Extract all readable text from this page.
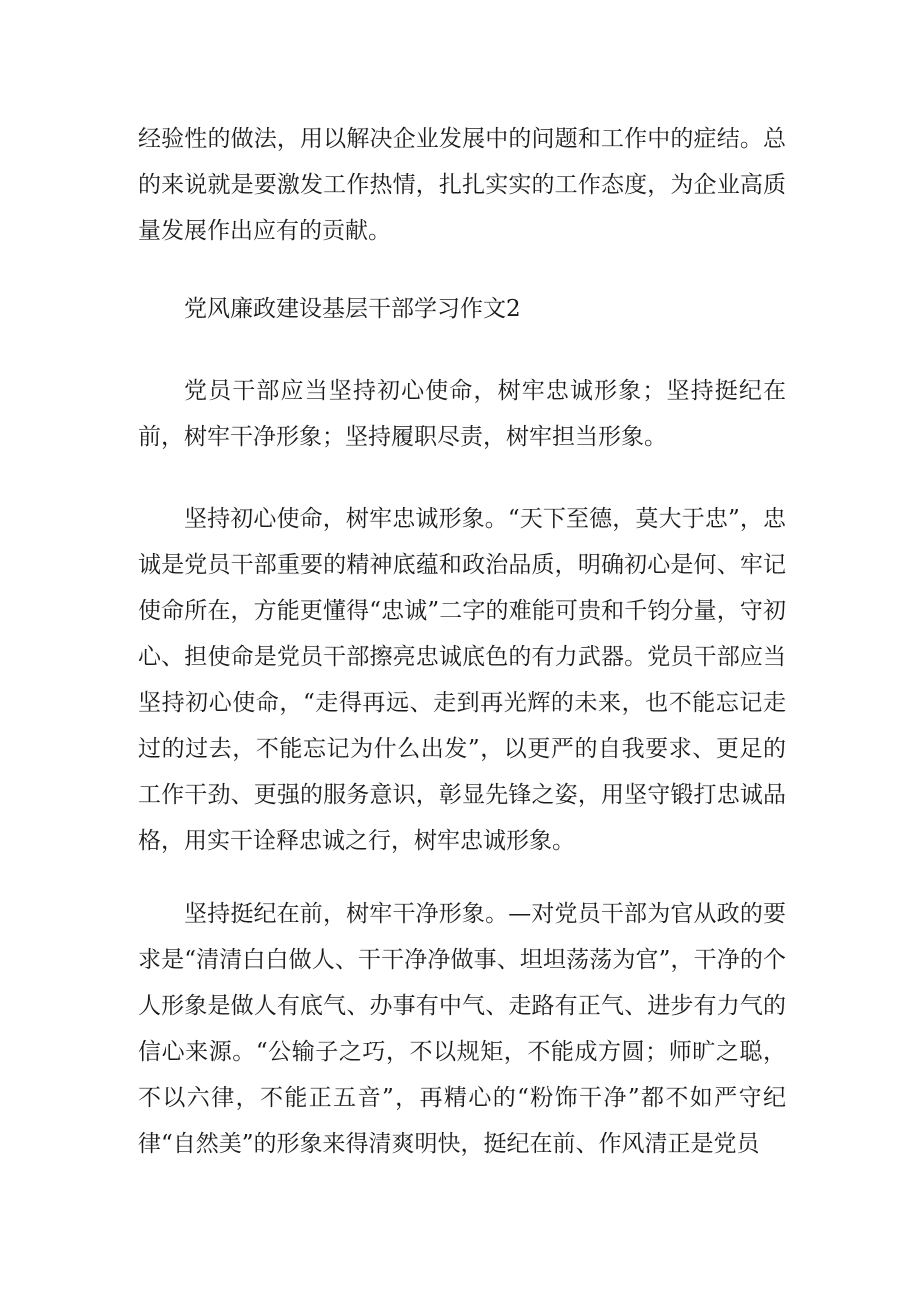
经验性的做法，用以解决企业发展中的问题和工作中的症结。总的来说就是要激发工作热情，扎扎实实的工作态度，为企业高质量发展作出应有的贡献。

党风廉政建设基层干部学习作文2

党员干部应当坚持初心使命，树牢忠诚形象；坚持挺纪在前，树牢干净形象；坚持履职尽责，树牢担当形象。

坚持初心使命，树牢忠诚形象。“天下至德，莫大于忠”，忠诚是党员干部重要的精神底蕴和政治品质，明确初心是何、牢记使命所在，方能更懂得“忠诚”二字的难能可贵和千钧分量，守初心、担使命是党员干部擦亮忠诚底色的有力武器。党员干部应当坚持初心使命，“走得再远、走到再光辉的未来，也不能忘记走过的过去，不能忘记为什么出发”，以更严的自我要求、更足的工作干劲、更强的服务意识，彰显先锋之姿，用坚守锻打忠诚品格，用实干诠释忠诚之行，树牢忠诚形象。

坚持挺纪在前，树牢干净形象。—对党员干部为官从政的要求是“清清白白做人、干干净净做事、坦坦荡荡为官”，干净的个人形象是做人有底气、办事有中气、走路有正气、进步有力气的信心来源。“公输子之巧，不以规矩，不能成方圆；师旷之聪，不以六律，不能正五音”，再精心的“粉饰干净”都不如严守纪律“自然美”的形象来得清爽明快，挺纪在前、作风清正是党员
